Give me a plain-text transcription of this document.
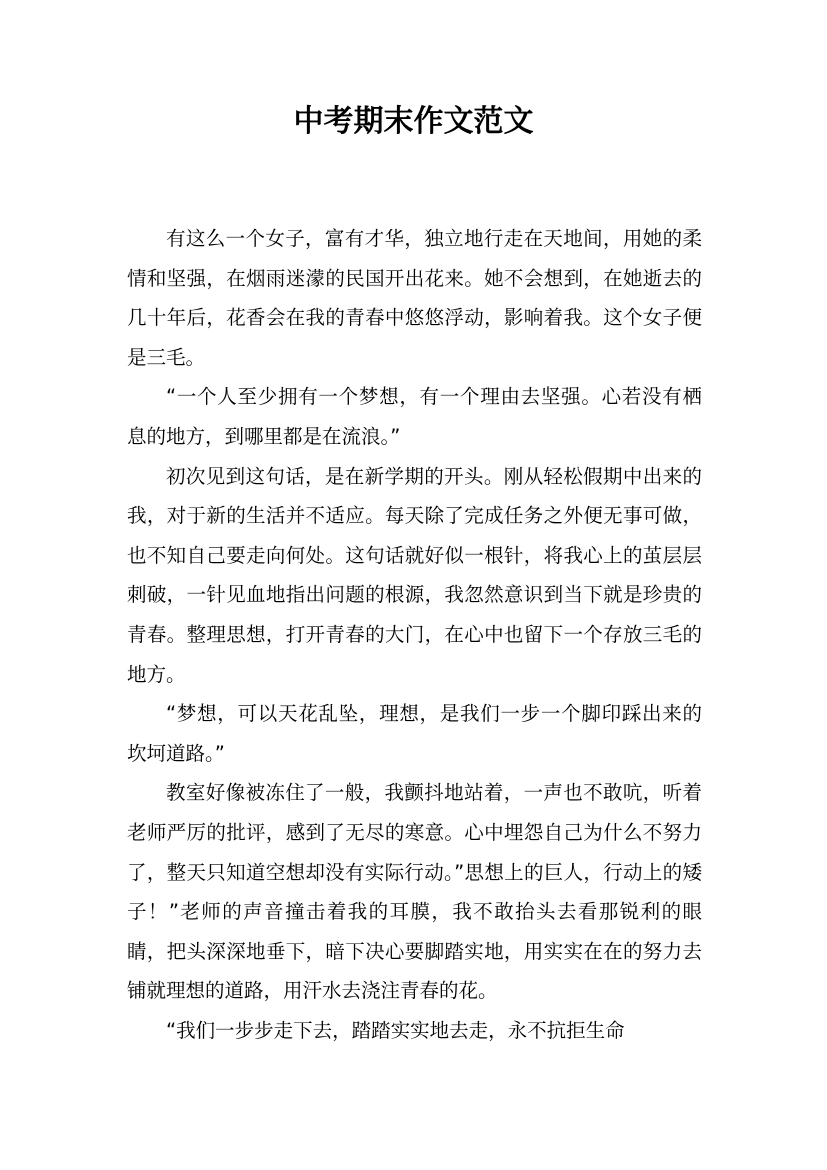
中考期末作文范文

有这么一个女子，富有才华，独立地行走在天地间，用她的柔情和坚强，在烟雨迷濛的民国开出花来。她不会想到，在她逝去的几十年后，花香会在我的青春中悠悠浮动，影响着我。这个女子便是三毛。

“一个人至少拥有一个梦想，有一个理由去坚强。心若没有栖息的地方，到哪里都是在流浪。”

初次见到这句话，是在新学期的开头。刚从轻松假期中出来的我，对于新的生活并不适应。每天除了完成任务之外便无事可做，也不知自己要走向何处。这句话就好似一根针，将我心上的茧层层刺破，一针见血地指出问题的根源，我忽然意识到当下就是珍贵的青春。整理思想，打开青春的大门，在心中也留下一个存放三毛的地方。

“梦想，可以天花乱坠，理想，是我们一步一个脚印踩出来的坎坷道路。”

教室好像被冻住了一般，我颤抖地站着，一声也不敢吭，听着老师严厉的批评，感到了无尽的寒意。心中埋怨自己为什么不努力了，整天只知道空想却没有实际行动。”思想上的巨人，行动上的矮子！”老师的声音撞击着我的耳膜，我不敢抬头去看那锐利的眼睛，把头深深地垂下，暗下决心要脚踏实地，用实实在在的努力去铺就理想的道路，用汗水去浇注青春的花。

“我们一步步走下去，踏踏实实地去走，永不抗拒生命
